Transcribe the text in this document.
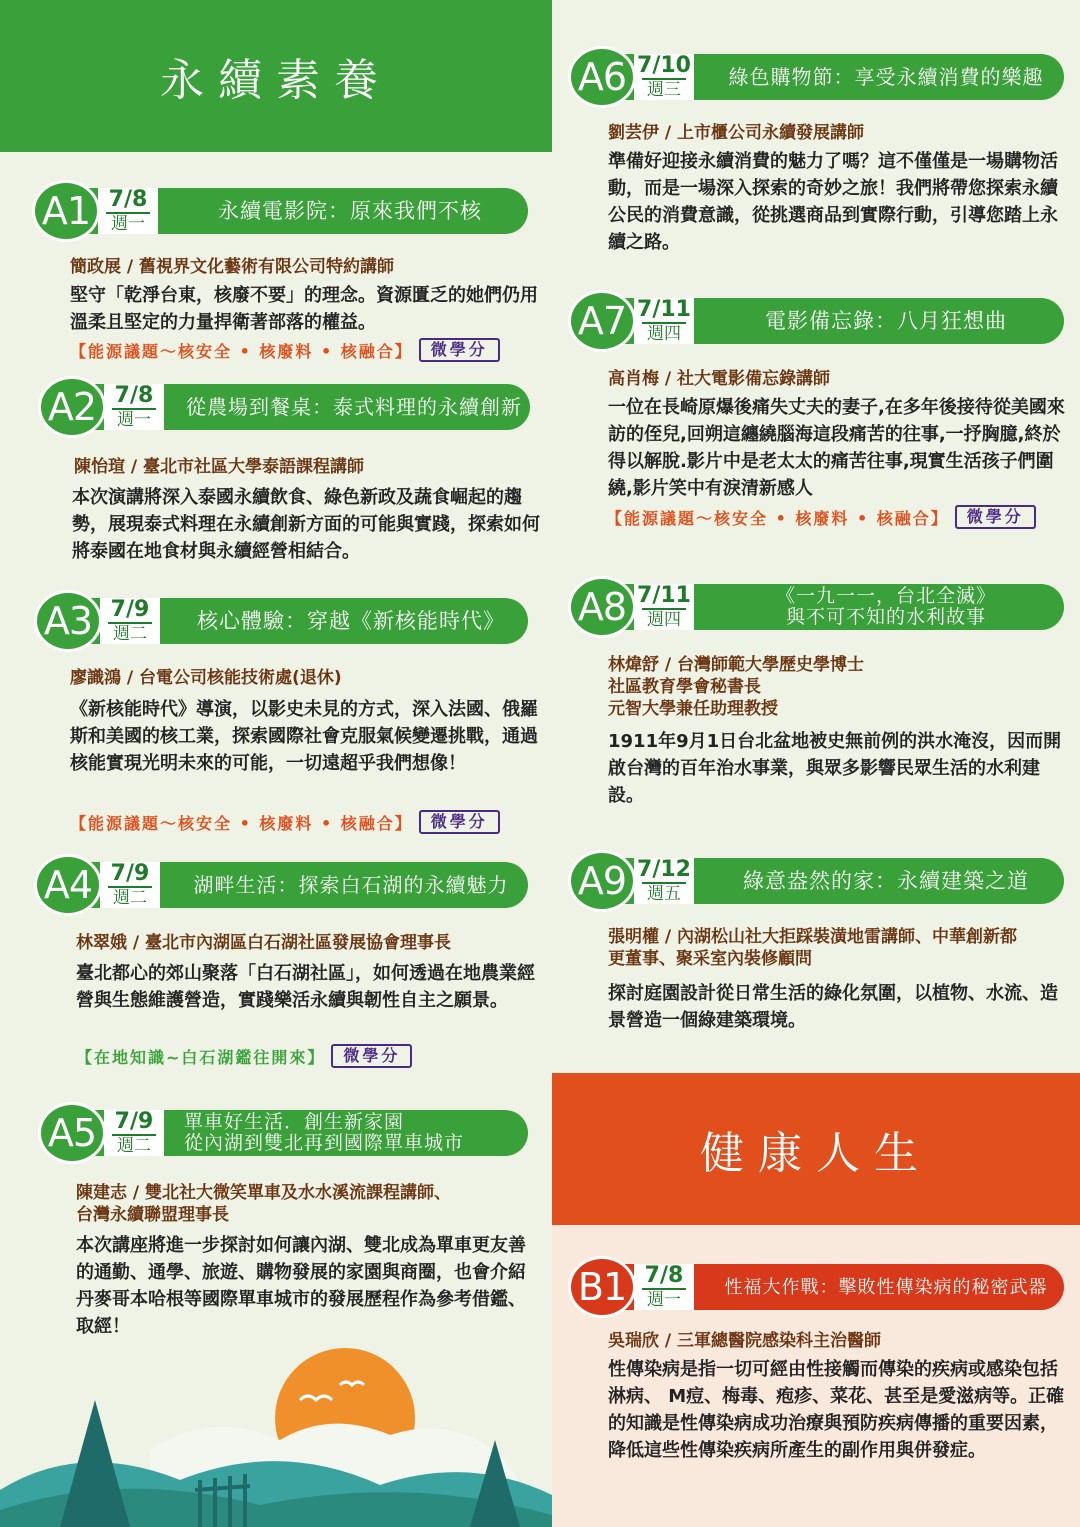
永續素養
健康人生
A1 7/8
週一
永續電影院：原來我們不核
簡政展 / 舊視界文化藝術有限公司特約講師
堅守「乾淨台東，核廢不要」的理念。資源匱乏的她們仍用溫柔且堅定的力量捍衛著部落的權益。
【能源議題～核安全 • 核廢料 • 核融合】	微學分
A2 7/8
週一
從農場到餐桌：泰式料理的永續創新
陳怡瑄 / 臺北市社區大學泰語課程講師
本次演講將深入泰國永續飲食、綠色新政及蔬食崛起的趨勢，展現泰式料理在永續創新方面的可能與實踐，探索如何將泰國在地食材與永續經營相結合。
A3 7/9
週二
核心體驗：穿越《新核能時代》
廖識鴻 / 台電公司核能技術處(退休)
《新核能時代》導演，以影史未見的方式，深入法國、俄羅斯和美國的核工業，探索國際社會克服氣候變遷挑戰，通過核能實現光明未來的可能，一切遠超乎我們想像！
【能源議題～核安全 • 核廢料 • 核融合】	微學分
A4 7/9
週二
湖畔生活：探索白石湖的永續魅力
林翠娥 / 臺北市內湖區白石湖社區發展協會理事長
臺北都心的郊山聚落「白石湖社區」，如何透過在地農業經營與生態維護營造，實踐樂活永續與韌性自主之願景。
【在地知識~白石湖鑑往開來】	微學分
A5 7/9
週二
單車好生活．創生新家園
從內湖到雙北再到國際單車城市
陳建志 / 雙北社大微笑單車及水水溪流課程講師、
台灣永續聯盟理事長
本次講座將進一步探討如何讓內湖、雙北成為單車更友善的通勤、通學、旅遊、購物發展的家園與商圈，也會介紹丹麥哥本哈根等國際單車城市的發展歷程作為參考借鑑、取經！
A6 7/10
週三
綠色購物節：享受永續消費的樂趣
劉芸伊 / 上市櫃公司永續發展講師
準備好迎接永續消費的魅力了嗎？這不僅僅是一場購物活動，而是一場深入探索的奇妙之旅！我們將帶您探索永續公民的消費意識，從挑選商品到實際行動，引導您踏上永續之路。
A7 7/11
週四
電影備忘錄：八月狂想曲
高肖梅 / 社大電影備忘錄講師
一位在長崎原爆後痛失丈夫的妻子,在多年後接待從美國來訪的侄兒,回朔這纏繞腦海這段痛苦的往事,一抒胸臆,終於得以解脫.影片中是老太太的痛苦往事,現實生活孩子們圍繞,影片笑中有淚清新感人
【能源議題～核安全 • 核廢料 • 核融合】	微學分
A8 7/11
週四
《一九一一，台北全滅》
與不可不知的水利故事
林煒舒 / 台灣師範大學歷史學博士
社區教育學會秘書長
元智大學兼任助理教授
1911年9月1日台北盆地被史無前例的洪水淹沒，因而開啟台灣的百年治水事業，與眾多影響民眾生活的水利建設。
A9 7/12
週五
綠意盎然的家：永續建築之道
張明權 / 內湖松山社大拒踩裝潢地雷講師、中華創新都
更董事、聚采室內裝修顧問
探討庭園設計從日常生活的綠化氛圍，以植物、水流、造景營造一個綠建築環境。
B1 7/8
週一
性福大作戰：擊敗性傳染病的秘密武器
吳瑞欣 / 三軍總醫院感染科主治醫師
性傳染病是指一切可經由性接觸而傳染的疾病或感染包括淋病、 M痘、梅毒、疱疹、菜花、甚至是愛滋病等。正確的知識是性傳染病成功治療與預防疾病傳播的重要因素，降低這些性傳染疾病所產生的副作用與併發症。
